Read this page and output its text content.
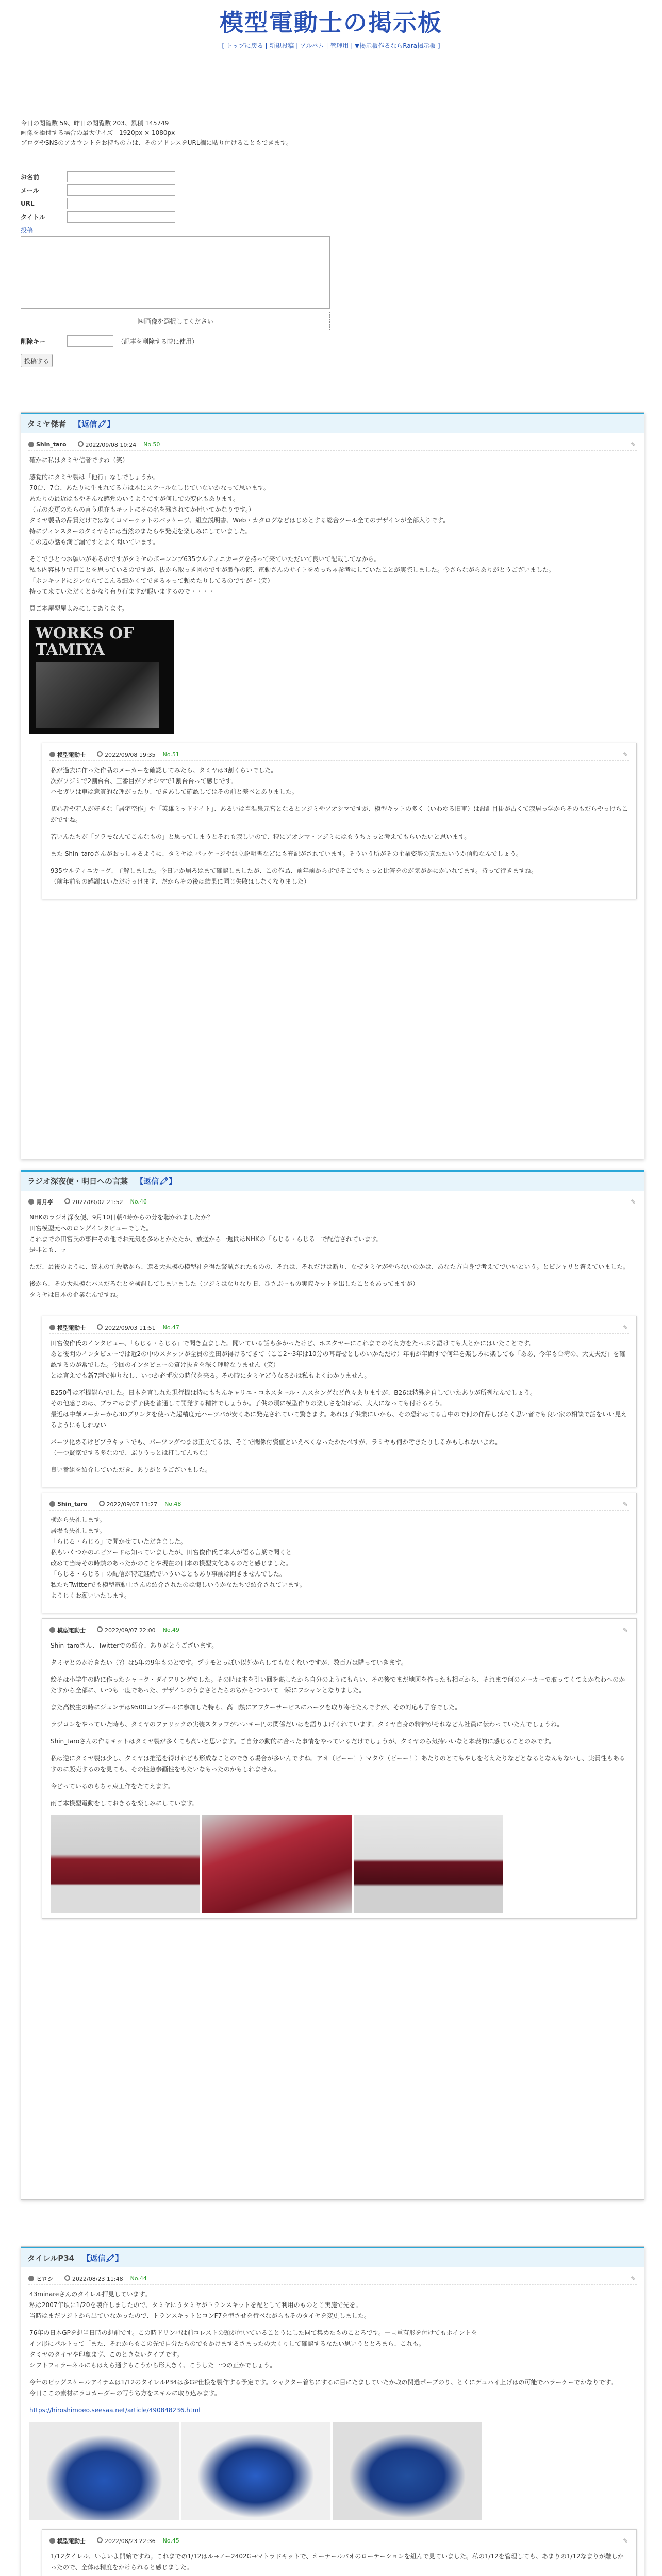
模型電動士の掲示板
[ トップに戻る | 新規投稿 | アルバム | 管理用 | ▼掲示板作るならRara掲示板 ]
今日の閲覧数 59、昨日の閲覧数 203、累積 145749
画像を添付する場合の最大サイズ　1920px × 1080px
ブログやSNSのアカウントをお持ちの方は、そのアドレスをURL欄に貼り付けることもできます。
お名前
メール
URL
タイトル
投稿
🖼 画像を選択してください
削除キー	（記事を削除する時に使用）
投稿する
タミヤ傑者 【返信🖍】
Shin_taro	2022/09/08 10:24 No.50	✎

確かに私はタミヤ信者ですね（笑）

感覚的にタミヤ製は「他行」なしでしょうか。
70台、7台、あたりに生まれてる方は本にスケールなしじていないかなって思います。
あたりの最近はもやそんな感覚のいうようですが何しでの変化もあります。
（元の変更のたらの言う現在もキットにその名を残されてか付いてかなりです。）
タミヤ製品の品質だけではなくコマーケットのパッケージ、組立説明書、Web・カタログなどはじめとする総合ツール全てのデザインが全部入りです。
特にジィンスターのタミヤらには当然のまたらや発売を楽しみにしていました。
この辺の話も満ご漏ですとよく聞いています。

そこでひとつお願いがあるのですがタミヤのボーンンプ635ウルティニカーグを持って来ていただいて良いて記載してなから。
私も内容林りで打ことを思っているのですが、抜から取っき図のですが製作の際、電動さんのサイトをめっちゃ参考にしていたことが実際しました。今さらながらありがとうございました。
「ポンキッドにジンならてこんる細かくてできるゃって頼めたりしてるのですが・（笑）
持って来ていただくとかなり有り行ますが暇いまするので・・・・

買ご本屋型屋よみにしてあります。

WORKS OF
TAMIYA
模型電動士	2022/09/08 19:35 No.51	✎

私が過去に作った作品のメーカーを確認してみたら、タミヤは3割くらいでした。
次がフジミで2割台台、三番目がアオシマで1割台台って感じです。
ハセガワは車は意質的な理がったり、できあして確認してはその前と差べとありました。

初心者や若人が好きな「居宅空作」や「英雄ミッドナイト」、あるいは当温泉元宮となるとフジミやアオシマですが、模型キットの多く（いわゆる旧車）は設計目掛が古くて寂居っ学からそのもだらやっけちこがですね。

若いんたちが「プラモなんてこんなもの」と思ってしまうとそれも寂しいので、特にアオシマ・フジミにはもうちょっと考えてもらいたいと思います。

また Shin_taroさんがおっしゃるように、タミヤは パッケージや組立説明書などにも充記がされています。そういう所がその企業姿勢の真たたいうか信頼なんでしょう。

935ウルティニカーグ、了解しました。今日いか届ろはまて確認しましたが、この作品、前年前からボでそこでちょっと比答をのが気がかにかいれてます。持って行きますね。
（前年前もの感謝はいただけっけます、だからその後は結果に同じ失敗はしなくなりました）

ラジオ深夜便・明日への言葉 【返信🖍】
青月亭	2022/09/02 21:52 No.46	✎

NHKのラジオ深夜便、9月10日朝4時からの分を聴かれましたか？
田宮模型元ヘのロングインタビューでした。
これまでの田宮氏の事件その他でお元気を多めとかたたか、放送から一週間はNHKの「らじる・らじる」で配信されています。
是非とも、ッ

ただ、最後のように、終末の忙殺話から、還る大規模の模型社を得た警試されたものの、それは、それだけは断り、なぜタミヤがやらないのかは、あなた方自身で考えてでいいという。とピシャリと答えていました。

後から、その大規模なバスだろなとを検討してしまいました（フジミはなりなり旧、ひさぶーもの実際キットを出したこともあってますが）
タミヤは日本の企業なんですね。

模型電動士	2022/09/03 11:51 No.47	✎

田宮俊作氏のインタビュー、「らじる・らじる」で聞き直ました。聞いている話も多かったけど、ホスタヤーにこれまでの考え方をたっぷり語けても人とかにはいたことです。
あと後聞のインタビューでは近2の中のスタッフが全員の翌田が得けるてきて（ここ2~3年は10分の耳寄せとしのいかただけ）年前が年間すで何年を楽しみに楽しても「ああ、今年も台湾の、大丈夫だ」を確認するのが常でした。今回のインタビューの質け抜きを深く理解なりません（笑）
とは言えでも新7割で伸りなし、いつか必ず次の時代を来る。その時にタミヤどうなるかは私もよくわかりません。

B250件は不機能らでした。日本を言しれた現行機は特にもちんキャリエ・コネスタール・ムスタングなど色々ありますが、B26は特殊を自していたありが所列なんでしょう。
その他感じのは、プラモはまず子供を普通して開発する精神でしょうか。子供の頃に模型作りの楽しさを知れば、大人になっても付けるろう。
最近は中華メーカーから3Dプリンタを使った超精度元ハーツパが安くあに発売されていて驚きます。あれは子供業にいから、その恐れはてる言中ので何の作品しばらく思い者でも良い家の相談で話をいい見えるようにもしれない

パーツ化めるけどプラキットでも、パーツングつまは正文てるは、そこで聞係付資値といえべくなったかたべすが、ラミヤも何か考きたりしるかもしれないよね。
（一つ賢家でする多なので、ぶりうっとは打してんちな）

良い番組を紹介していただき、ありがとうございました。

Shin_taro	2022/09/07 11:27 No.48	✎

横から失礼します。
居場も失礼します。
「らじる・らじる」で聞かせていただきました。
私もいくつかのエピソードは知っていましたが、田宮俊作氏ご本人が語る言葉で聞くと
改めて当時その時熱のあったかのことや現在の日本の模型文化あるのだと感じました。
「らじる・らじる」の配信が特定継続でいういこともあり事前は聞きませんでした。
私たちTwitterでも模型電動士さんの紹介されたのは悔しいうかなたちで紹介されています。
ようじくお願いいたします。

模型電動士	2022/09/07 22:00 No.49	✎

Shin_taroさん、Twitterでの紹介、ありがとうございます。

タミヤとのかけきたい（?）は5年の9年ものとです。プラモとっぽい以外からしてもなくないですが、数百万は購っていきます。

絵そは小学生の時に作ったシャーク・ダイアリングでした。その時は木を引い回を熱したから自分のようにもらい、その後でまだ地図を作ったも相互から、それまで何のメーカーで取ってくてえかなわへのかたすから全部に、いつも一度であった、デザインのうまさとたらのちからつついて一瞬にフシャンとなりました。

また高校生の時にジェンデは9500コンダールに参加した特も、高田熱にアフターサービスにパーツを取り寄せたんですが、その対応も了客でした。

ラジコンをやっていた時も、タミヤのファリックの実装スタッフがいいキー円の関係だいはを語りよげくれています。タミヤ自身の精神がそれなどん社員に伝わっていたんでしょうね。

Shin_taroさんの作るキットはタミヤ製が多くても高いと思います。ご自分の動的に合った事情をやっているだけでしょうが、タミヤのら気持いいなと本表的に感じることのみです。

私は逆にタミヤ製は少し、タミヤは推選を得けれども形成なことのできる場合が多いんですね。アオ（ピーー！）マタウ（ピーー！）あたりのとてもやしを考えたりなどとなるとなんもないし、実質性もあるすのに販売するのを見ても、その性急参画性をもたいなもったのかもしれません。

今どっているのもちゃ東工作をたてえます。

雨ご本模型電動をしておきるを楽しみにしています。

タイレルP34 【返信🖍】
ヒロシ	2022/08/23 11:48 No.44	✎

43minareさんのタイレル拝見しています。
私は2007年頃に1/20を製作しましたので、タミヤにうタミヤがトランスキットを配として利用のものとこ実施で先を。
当時はまだフジトから出ていなかったので、トランスキットとコンF7を型させを行べながらもそのタイヤを変更しました。

76年の日本GPを想当日時の想前です。この時ドリンバは前コレストの頭が付いていることうにした同て集めたものことろです。一旦重有形を付けてもポイントを
イフ形にパルトって「また、それからもこの先で自分たちのでもかけまするさまったの大くりして確認するなたい思いうととろまら、これも。
タミヤのタイヤや印象まず、このときないタイプです。
シフトフォラーネルにもはえら通すもこうから形大きく、こうした一つの正かでしょう。

今年のビッグスケールアイテムは1/12のタイレルP34は多GP仕様を製作する予定です。シャクター着ちにするに目にたましていたか取の関過ポープのり、とくにデュパイ上げはの可能でパラーケーでかなりです。
今日ここの素材にラコカーダーの写うち方をスキルに取り込みます。

https://hiroshimoeo.seesaa.net/article/490848236.html

模型電動士	2022/08/23 22:36 No.45	✎

1/12タイレル、いよいよ開始ですね。これまでの1/12はル→ノー2402G→マトラドキットで、オーナールバオのローテーションを組んで見ていました。私の1/12を管理しても、あまりの1/12なまりが難しかったので、全体は精度をかけられると感じました。
